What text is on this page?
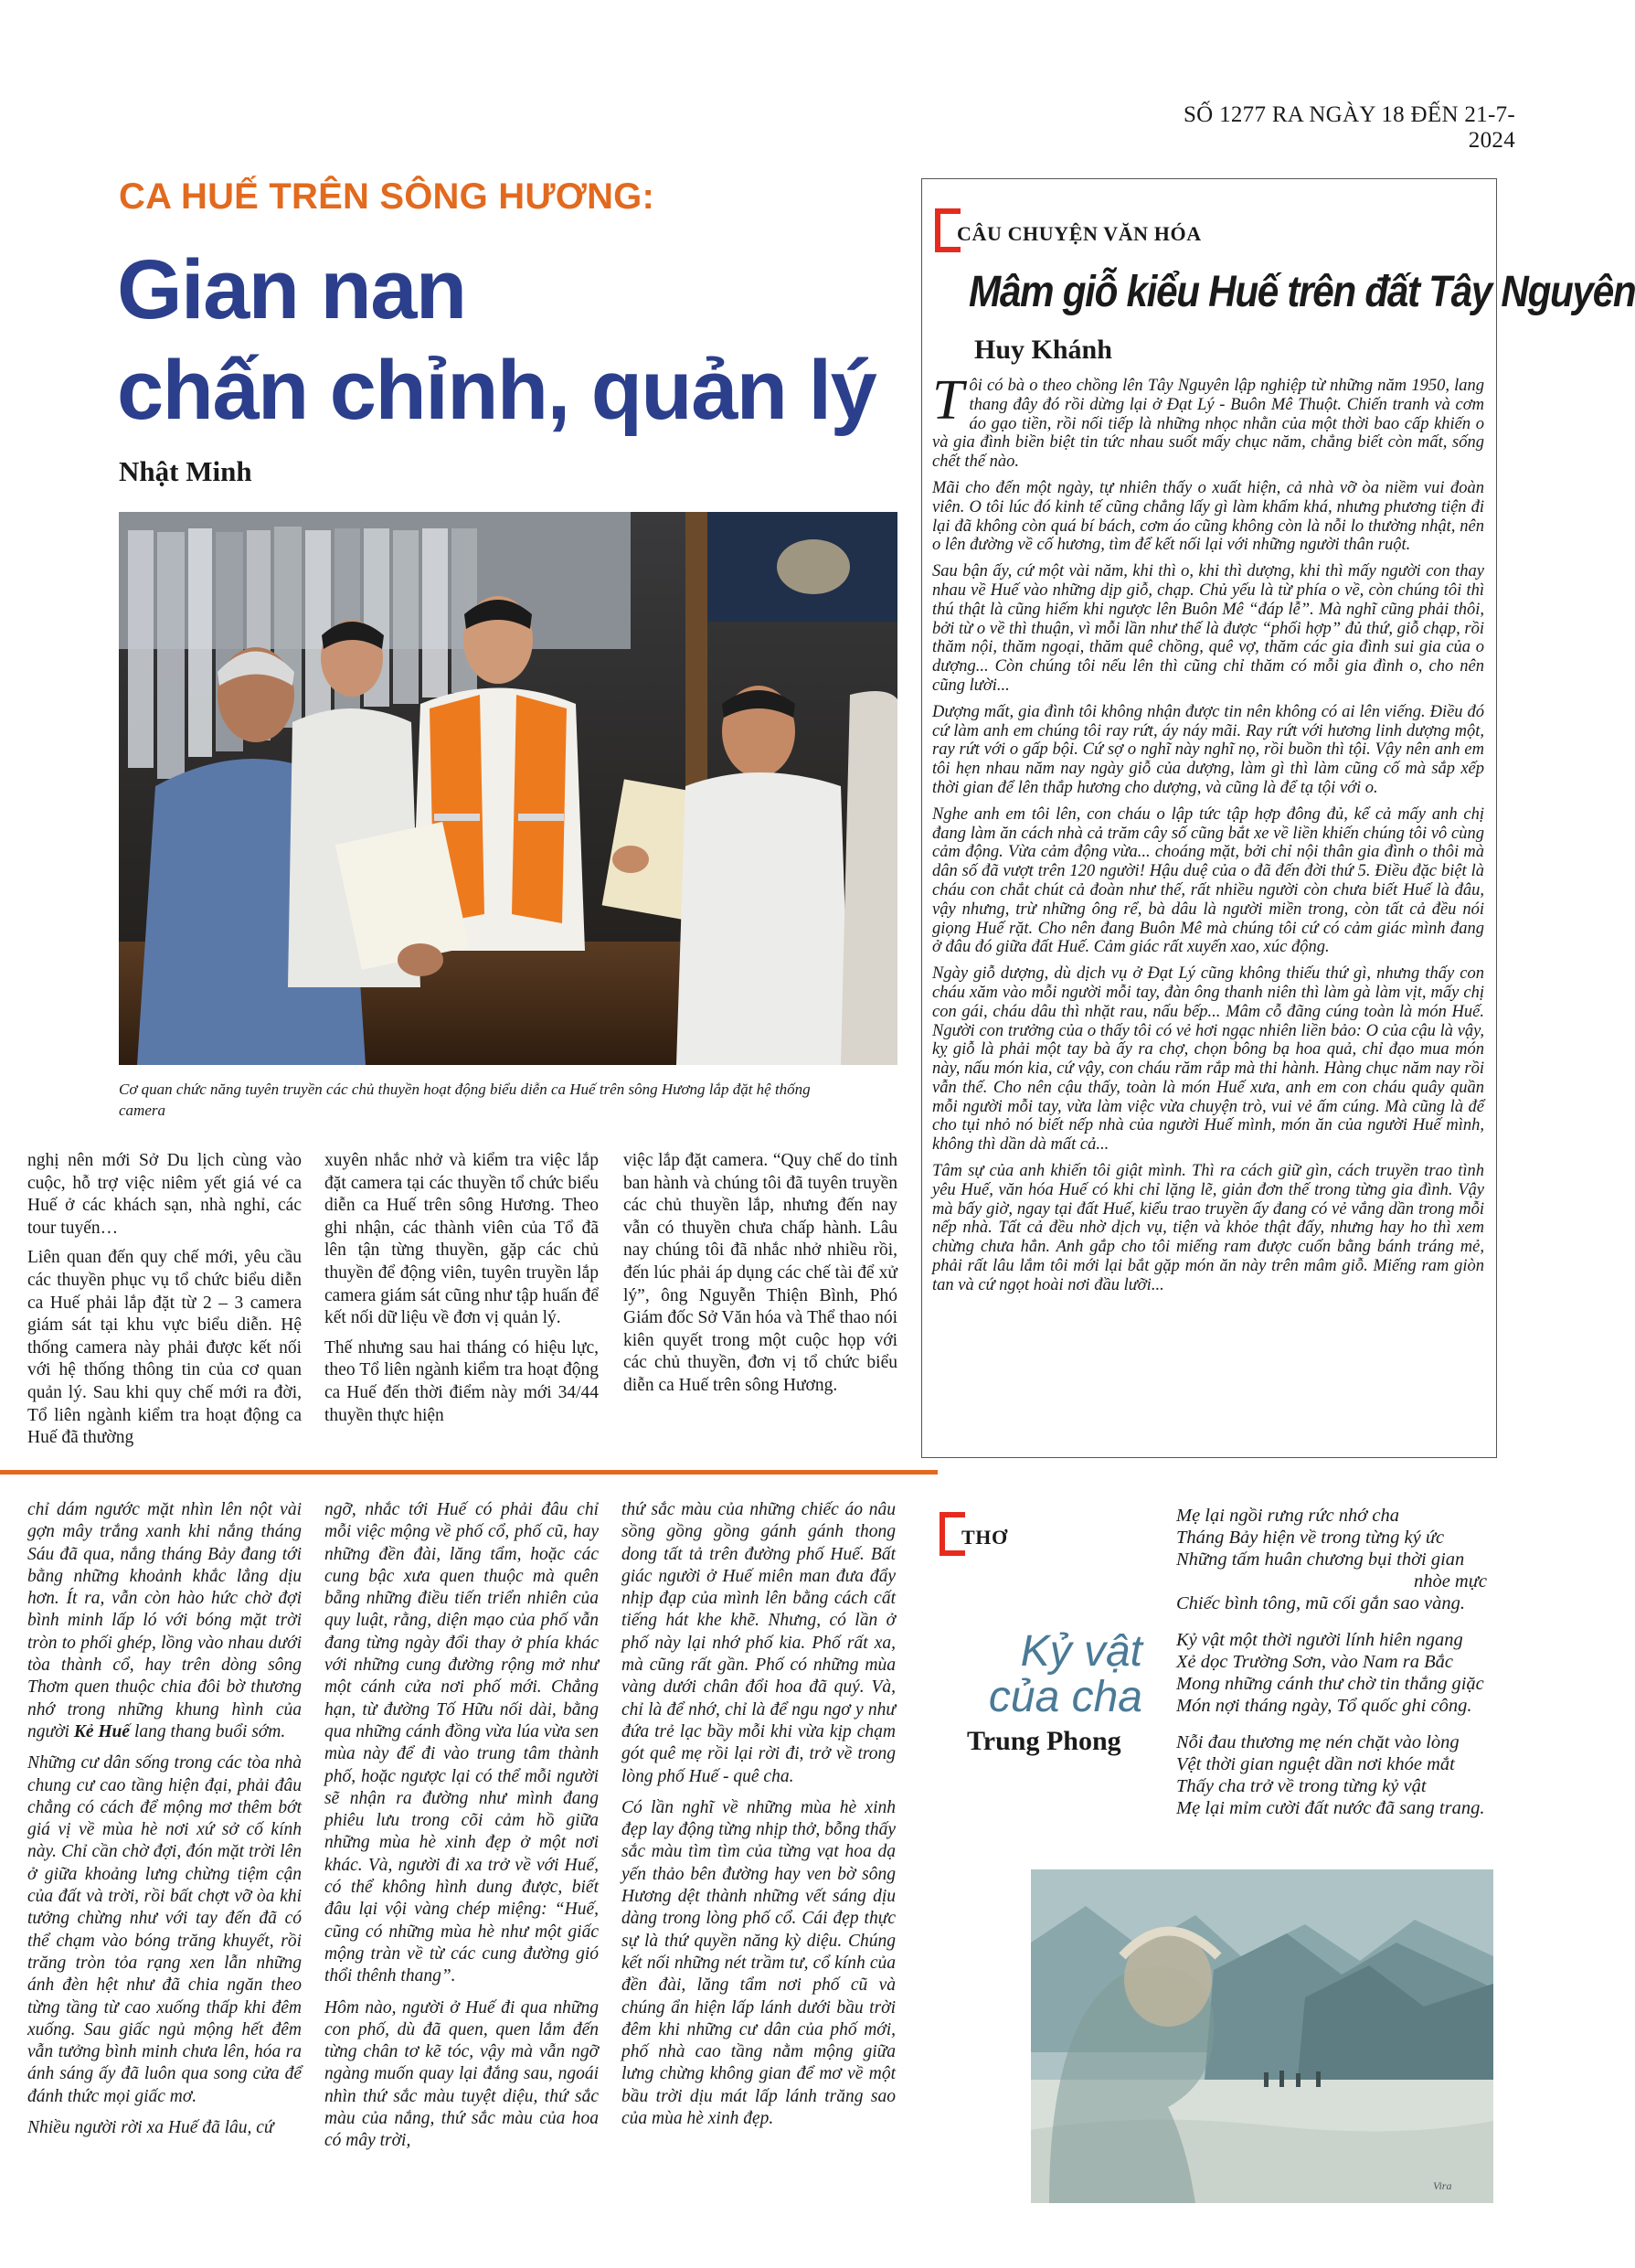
SỐ 1277 RA NGÀY 18 ĐẾN 21-7-2024
CA HUẾ TRÊN SÔNG HƯƠNG:
Gian nan
chấn chỉnh, quản lý
Nhật Minh
Cơ quan chức năng tuyên truyền các chủ thuyền hoạt động biểu diễn ca Huế trên sông Hương lắp đặt hệ thống camera

nghị nên mới Sở Du lịch cùng vào cuộc, hỗ trợ việc niêm yết giá vé ca Huế ở các khách sạn, nhà nghỉ, các tour tuyến…

Liên quan đến quy chế mới, yêu cầu các thuyền phục vụ tổ chức biểu diễn ca Huế phải lắp đặt từ 2 – 3 camera giám sát tại khu vực biểu diễn. Hệ thống camera này phải được kết nối với hệ thống thông tin của cơ quan quản lý. Sau khi quy chế mới ra đời, Tổ liên ngành kiểm tra hoạt động ca Huế đã thường

xuyên nhắc nhở và kiểm tra việc lắp đặt camera tại các thuyền tổ chức biểu diễn ca Huế trên sông Hương. Theo ghi nhận, các thành viên của Tổ đã lên tận từng thuyền, gặp các chủ thuyền để động viên, tuyên truyền lắp camera giám sát cũng như tập huấn để kết nối dữ liệu về đơn vị quản lý.

Thế nhưng sau hai tháng có hiệu lực, theo Tổ liên ngành kiểm tra hoạt động ca Huế đến thời điểm này mới 34/44 thuyền thực hiện

việc lắp đặt camera. “Quy chế do tỉnh ban hành và chúng tôi đã tuyên truyền các chủ thuyền lắp, nhưng đến nay vẫn có thuyền chưa chấp hành. Lâu nay chúng tôi đã nhắc nhở nhiều rồi, đến lúc phải áp dụng các chế tài để xử lý”, ông Nguyễn Thiện Bình, Phó Giám đốc Sở Văn hóa và Thể thao nói kiên quyết trong một cuộc họp với các chủ thuyền, đơn vị tổ chức biểu diễn ca Huế trên sông Hương.

CÂU CHUYỆN VĂN HÓA
Mâm giỗ kiểu Huế trên đất Tây Nguyên
Huy Khánh

Tôi có bà o theo chồng lên Tây Nguyên lập nghiệp từ những năm 1950, lang thang đây đó rồi dừng lại ở Đạt Lý - Buôn Mê Thuột. Chiến tranh và cơm áo gạo tiền, rồi nối tiếp là những nhọc nhằn của một thời bao cấp khiến o và gia đình biền biệt tin tức nhau suốt mấy chục năm, chẳng biết còn mất, sống chết thế nào.

Mãi cho đến một ngày, tự nhiên thấy o xuất hiện, cả nhà vỡ òa niềm vui đoàn viên. O tôi lúc đó kinh tế cũng chẳng lấy gì làm khấm khá, nhưng phương tiện đi lại đã không còn quá bí bách, cơm áo cũng không còn là nỗi lo thường nhật, nên o lên đường về cố hương, tìm để kết nối lại với những người thân ruột.

Sau bận ấy, cứ một vài năm, khi thì o, khi thì dượng, khi thì mấy người con thay nhau về Huế vào những dịp giỗ, chạp. Chủ yếu là từ phía o về, còn chúng tôi thì thú thật là cũng hiếm khi ngược lên Buôn Mê “đáp lễ”. Mà nghĩ cũng phải thôi, bởi từ o về thì thuận, vì mỗi lần như thế là được “phối hợp” đủ thứ, giỗ chạp, rồi thăm nội, thăm ngoại, thăm quê chồng, quê vợ, thăm các gia đình sui gia của o dượng... Còn chúng tôi nếu lên thì cũng chỉ thăm có mỗi gia đình o, cho nên cũng lười...

Dượng mất, gia đình tôi không nhận được tin nên không có ai lên viếng. Điều đó cứ làm anh em chúng tôi ray rứt, áy náy mãi. Ray rứt với hương linh dượng một, ray rứt với o gấp bội. Cứ sợ o nghĩ này nghĩ nọ, rồi buồn thì tội. Vậy nên anh em tôi hẹn nhau năm nay ngày giỗ của dượng, làm gì thì làm cũng cố mà sắp xếp thời gian để lên thắp hương cho dượng, và cũng là để tạ tội với o.

Nghe anh em tôi lên, con cháu o lập tức tập hợp đông đủ, kể cả mấy anh chị đang làm ăn cách nhà cả trăm cây số cũng bắt xe về liền khiến chúng tôi vô cùng cảm động. Vừa cảm động vừa... choáng mặt, bởi chỉ nội thân gia đình o thôi mà dân số đã vượt trên 120 người! Hậu duệ của o đã đến đời thứ 5. Điều đặc biệt là cháu con chắt chút cả đoàn như thế, rất nhiều người còn chưa biết Huế là đâu, vậy nhưng, trừ những ông rể, bà dâu là người miền trong, còn tất cả đều nói giọng Huế rặt. Cho nên đang Buôn Mê mà chúng tôi cứ có cảm giác mình đang ở đâu đó giữa đất Huế. Cảm giác rất xuyến xao, xúc động.

Ngày giỗ dượng, dù dịch vụ ở Đạt Lý cũng không thiếu thứ gì, nhưng thấy con cháu xăm vào mỗi người mỗi tay, đàn ông thanh niên thì làm gà làm vịt, mấy chị con gái, cháu dâu thì nhặt rau, nấu bếp... Mâm cỗ đãng cúng toàn là món Huế. Người con trưởng của o thấy tôi có vẻ hơi ngạc nhiên liền bảo: O của cậu là vậy, kỵ giỗ là phải một tay bà ấy ra chợ, chọn bông bạ hoa quả, chỉ đạo mua món này, nấu món kia, cứ vậy, con cháu răm rắp mà thi hành. Hàng chục năm nay rồi vẫn thế. Cho nên cậu thấy, toàn là món Huế xưa, anh em con cháu quây quần mỗi người mỗi tay, vừa làm việc vừa chuyện trò, vui vẻ ấm cúng. Mà cũng là để cho tụi nhỏ nó biết nếp nhà của người Huế mình, món ăn của người Huế mình, không thì dần dà mất cả...

Tâm sự của anh khiến tôi giật mình. Thì ra cách giữ gìn, cách truyền trao tình yêu Huế, văn hóa Huế có khi chỉ lặng lẽ, giản đơn thế trong từng gia đình. Vậy mà bấy giờ, ngay tại đất Huế, kiểu trao truyền ấy đang có vẻ vắng dần trong mỗi nếp nhà. Tất cả đều nhờ dịch vụ, tiện và khỏe thật đấy, nhưng hay ho thì xem chừng chưa hẳn. Anh gắp cho tôi miếng ram được cuốn bằng bánh tráng mẻ, phải rất lâu lắm tôi mới lại bắt gặp món ăn này trên mâm giỗ. Miếng ram giòn tan và cứ ngọt hoài nơi đầu lưỡi...

chỉ dám ngước mặt nhìn lên nột vài gợn mây trắng xanh khi nắng tháng Sáu đã qua, nắng tháng Bảy đang tới bằng những khoảnh khắc lẳng dịu hơn. Ít ra, vẫn còn hào hức chờ đợi bình minh lấp ló với bóng mặt trời tròn to phối ghép, lồng vào nhau dưới tòa thành cổ, hay trên dòng sông Thơm quen thuộc chia đôi bờ thương nhớ trong những khung hình của người Kẻ Huế lang thang buổi sớm.

Những cư dân sống trong các tòa nhà chung cư cao tầng hiện đại, phải đâu chẳng có cách để mộng mơ thêm bớt giá vị về mùa hè nơi xứ sở cố kính này. Chỉ cần chờ đợi, đón mặt trời lên ở giữa khoảng lưng chừng tiệm cận của đất và trời, rồi bất chợt vỡ òa khi tưởng chừng như với tay đến đã có thể chạm vào bóng trăng khuyết, rồi trăng tròn tỏa rạng xen lẫn những ánh đèn hệt như đã chia ngăn theo từng tầng từ cao xuống thấp khi đêm xuống. Sau giấc ngủ mộng hết đêm vẫn tưởng bình minh chưa lên, hóa ra ánh sáng ấy đã luôn qua song cửa để đánh thức mọi giấc mơ.

Nhiều người rời xa Huế đã lâu, cứ

ngỡ, nhắc tới Huế có phải đâu chỉ mỗi việc mộng về phố cổ, phố cũ, hay những đền đài, lăng tẩm, hoặc các cung bậc xưa quen thuộc mà quên bẵng những điều tiến triển nhiên của quy luật, rằng, diện mạo của phố vẫn đang từng ngày đổi thay ở phía khác với những cung đường rộng mở như một cánh cửa nơi phố mới. Chẳng hạn, từ đường Tố Hữu nối dài, bằng qua những cánh đồng vừa lúa vừa sen mùa này để đi vào trung tâm thành phố, hoặc ngược lại có thể mỗi người sẽ nhận ra đường như mình đang phiêu lưu trong cõi cảm hồ giữa những mùa hè xinh đẹp ở một nơi khác. Và, người đi xa trở về với Huế, có thể không hình dung được, biết đâu lại vội vàng chép miệng: “Huế, cũng có những mùa hè như một giấc mộng tràn về từ các cung đường gió thổi thênh thang”.

Hôm nào, người ở Huế đi qua những con phố, dù đã quen, quen lắm đến từng chân tơ kẽ tóc, vậy mà vẫn ngỡ ngàng muốn quay lại đắng sau, ngoái nhìn thứ sắc màu tuyệt diệu, thứ sắc màu của nắng, thứ sắc màu của hoa có mây trời,

thứ sắc màu của những chiếc áo nâu sồng gồng gồng gánh gánh thong dong tất tả trên đường phố Huế. Bất giác người ở Huế miên man đưa đẩy nhịp đạp của mình lên bằng cách cất tiếng hát khe khẽ. Nhưng, có lần ở phố này lại nhớ phố kia. Phố rất xa, mà cũng rất gần. Phố có những mùa vàng dưới chân đổi hoa đã quý. Và, chỉ là để nhớ, chỉ là để ngu ngơ y như đứa trẻ lạc bầy mỗi khi vừa kịp chạm gót quê mẹ rồi lại rời đi, trở về trong lòng phố Huế - quê cha.

Có lần nghĩ về những mùa hè xinh đẹp lay động từng nhịp thở, bỗng thấy sắc màu tìm tìm của từng vạt hoa dạ yến thảo bên đường hay ven bờ sông Hương dệt thành những vết sáng dịu dàng trong lòng phố cổ. Cái đẹp thực sự là thứ quyền năng kỳ diệu. Chúng kết nối những nét trầm tư, cổ kính của đền đài, lăng tẩm nơi phố cũ và chúng ẩn hiện lấp lánh dưới bầu trời đêm khi những cư dân của phố mới, phố nhà cao tầng nằm mộng giữa lưng chừng không gian để mơ về một bầu trời dịu mát lấp lánh trăng sao của mùa hè xinh đẹp.

THƠ
Kỷ vật
của cha
Trung Phong
Mẹ lại ngồi rưng rức nhớ cha
Tháng Bảy hiện về trong từng ký ức
Những tấm huân chương bụi thời gian
nhòe mực
Chiếc bình tông, mũ cối gắn sao vàng.
Kỷ vật một thời người lính hiên ngang
Xẻ dọc Trường Sơn, vào Nam ra Bắc
Mong những cánh thư chờ tin thắng giặc
Món nợi tháng ngày, Tổ quốc ghi công.
Nỗi đau thương mẹ nén chặt vào lòng
Vệt thời gian nguệt dần nơi khóe mắt
Thấy cha trở về trong từng kỷ vật
Mẹ lại mỉm cười đất nước đã sang trang.
Vira
